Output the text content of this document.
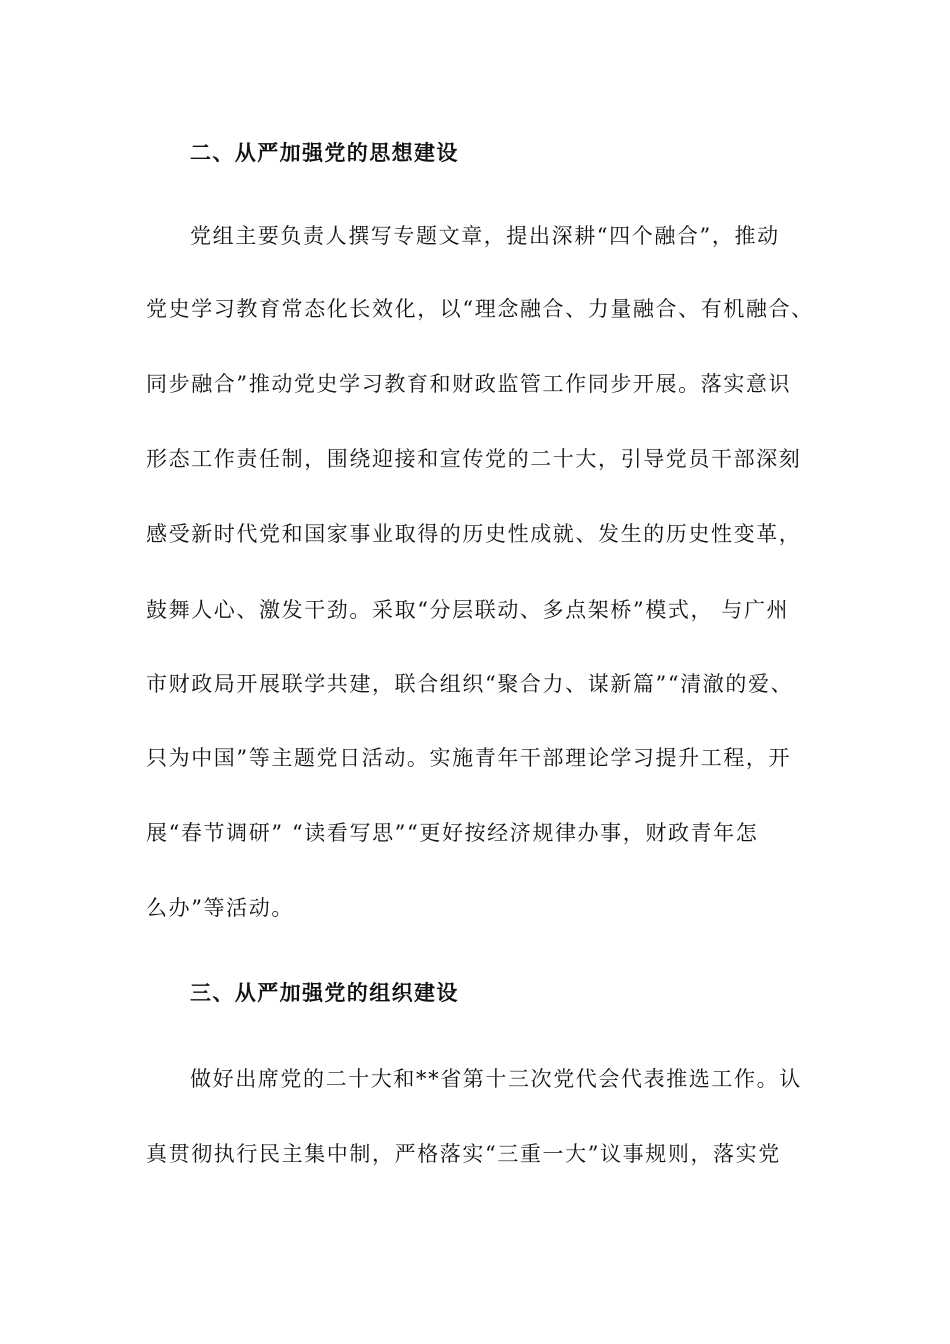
二、从严加强党的思想建设
党组主要负责人撰写专题文章，提出深耕“四个融合”，推动
党史学习教育常态化长效化，以“理念融合、力量融合、有机融合、
同步融合”推动党史学习教育和财政监管工作同步开展。落实意识
形态工作责任制，围绕迎接和宣传党的二十大，引导党员干部深刻
感受新时代党和国家事业取得的历史性成就、发生的历史性变革，
鼓舞人心、激发干劲。采取“分层联动、多点架桥”模式， 与广州
市财政局开展联学共建，联合组织“聚合力、谋新篇”“清澈的爱、
只为中国”等主题党日活动。实施青年干部理论学习提升工程，开
展“春节调研” “读看写思”“更好按经济规律办事，财政青年怎
么办”等活动。
三、从严加强党的组织建设
做好出席党的二十大和**省第十三次党代会代表推选工作。认
真贯彻执行民主集中制，严格落实“三重一大”议事规则，落实党
